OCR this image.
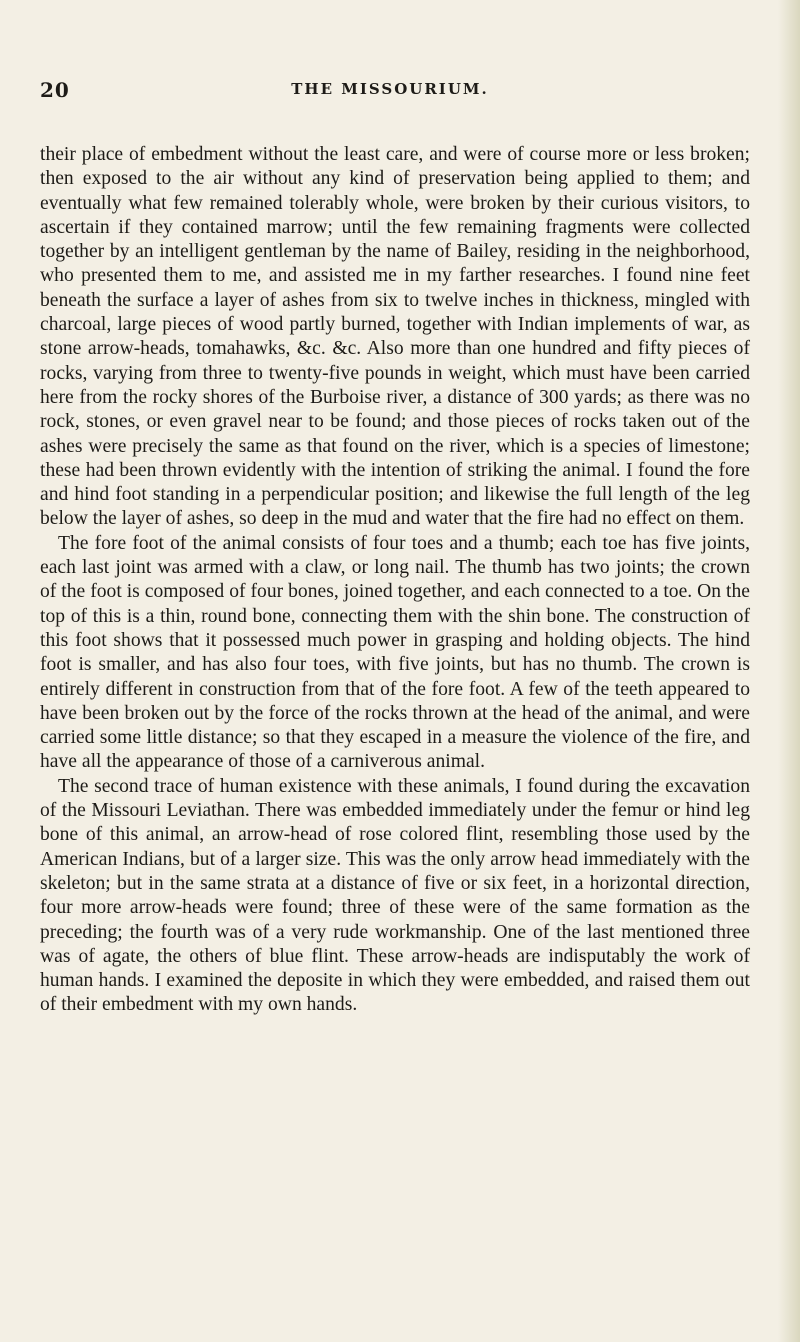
20	THE MISSOURIUM.

their place of embedment without the least care, and were of course more or less broken; then exposed to the air without any kind of preservation being applied to them; and eventually what few remained tolerably whole, were broken by their curious visitors, to ascertain if they contained marrow; until the few remaining fragments were collected together by an intelligent gentleman by the name of Bailey, residing in the neighborhood, who presented them to me, and assisted me in my farther researches. I found nine feet beneath the surface a layer of ashes from six to twelve inches in thickness, mingled with charcoal, large pieces of wood partly burned, together with Indian implements of war, as stone arrow-heads, tomahawks, &c. &c. Also more than one hundred and fifty pieces of rocks, varying from three to twenty-five pounds in weight, which must have been carried here from the rocky shores of the Burboise river, a distance of 300 yards; as there was no rock, stones, or even gravel near to be found; and those pieces of rocks taken out of the ashes were precisely the same as that found on the river, which is a species of limestone; these had been thrown evidently with the intention of striking the animal. I found the fore and hind foot standing in a perpendicular position; and likewise the full length of the leg below the layer of ashes, so deep in the mud and water that the fire had no effect on them.

The fore foot of the animal consists of four toes and a thumb; each toe has five joints, each last joint was armed with a claw, or long nail. The thumb has two joints; the crown of the foot is composed of four bones, joined together, and each connected to a toe. On the top of this is a thin, round bone, connecting them with the shin bone. The construction of this foot shows that it possessed much power in grasping and holding objects. The hind foot is smaller, and has also four toes, with five joints, but has no thumb. The crown is entirely different in construction from that of the fore foot. A few of the teeth appeared to have been broken out by the force of the rocks thrown at the head of the animal, and were carried some little distance; so that they escaped in a measure the violence of the fire, and have all the appearance of those of a carniverous animal.

The second trace of human existence with these animals, I found during the excavation of the Missouri Leviathan. There was embedded immediately under the femur or hind leg bone of this animal, an arrow-head of rose colored flint, resembling those used by the American Indians, but of a larger size. This was the only arrow head immediately with the skeleton; but in the same strata at a distance of five or six feet, in a horizontal direction, four more arrow-heads were found; three of these were of the same formation as the preceding; the fourth was of a very rude workmanship. One of the last mentioned three was of agate, the others of blue flint. These arrow-heads are indisputably the work of human hands. I examined the deposite in which they were embedded, and raised them out of their embedment with my own hands.
